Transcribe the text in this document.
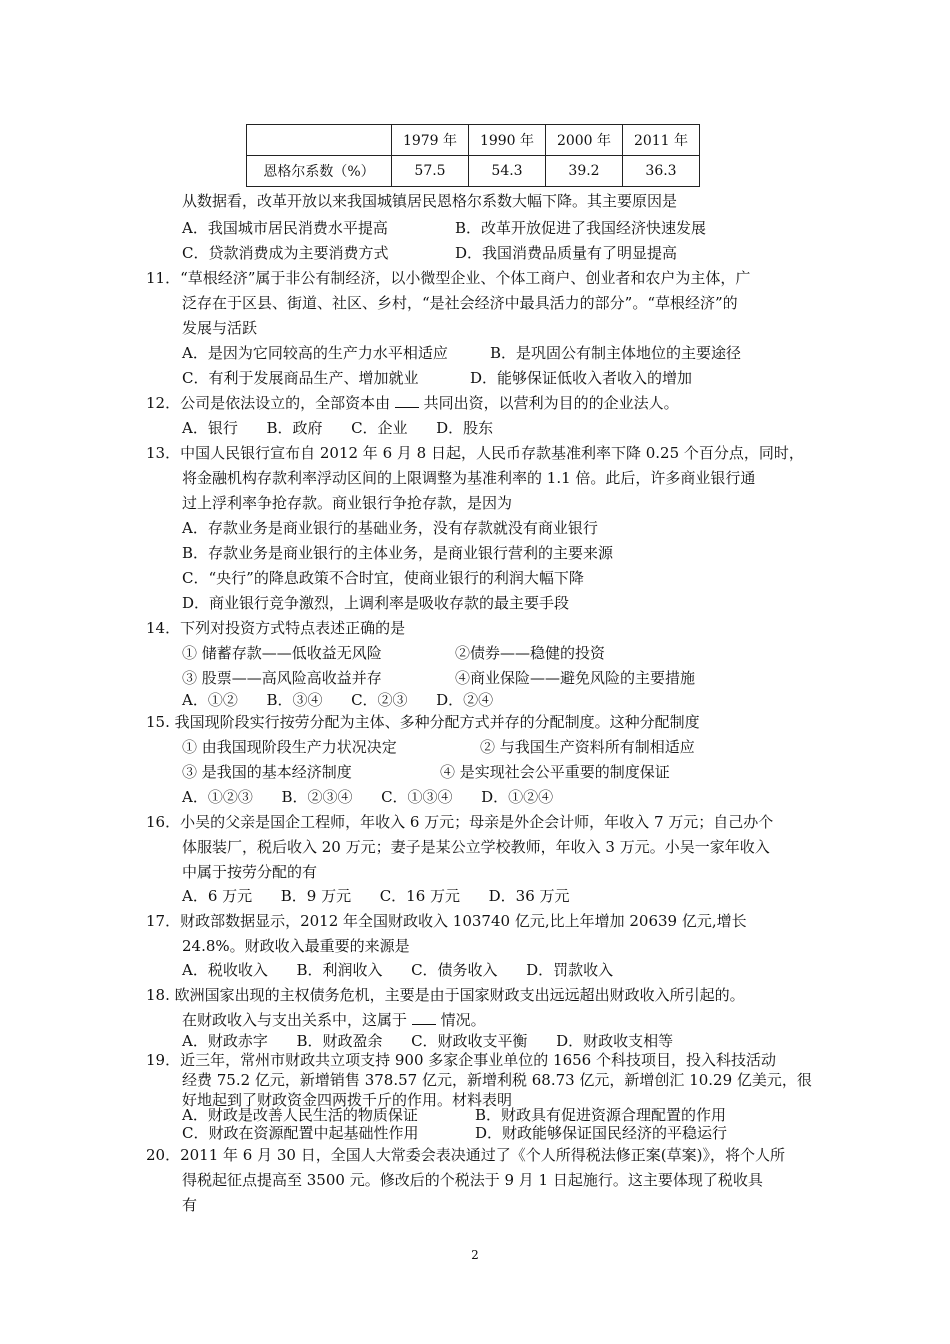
	1979 年	1990 年	2000 年	2011 年
恩格尔系数（%）	57.5	54.3	39.2	36.3
从数据看，改革开放以来我国城镇居民恩格尔系数大幅下降。其主要原因是
A．我国城市居民消费水平提高	B．改革开放促进了我国经济快速发展
C．贷款消费成为主要消费方式	D．我国消费品质量有了明显提高
11．“草根经济”属于非公有制经济，以小微型企业、个体工商户、创业者和农户为主体，广
泛存在于区县、街道、社区、乡村，“是社会经济中最具活力的部分”。“草根经济”的
发展与活跃
A．是因为它同较高的生产力水平相适应	B．是巩固公有制主体地位的主要途径
C．有利于发展商品生产、增加就业	D．能够保证低收入者收入的增加
12．公司是依法设立的，全部资本由 共同出资，以营利为目的的企业法人。
A．银行      B．政府      C．企业      D．股东
13．中国人民银行宣布自 2012 年 6 月 8 日起，人民币存款基准利率下降 0.25 个百分点，同时，
将金融机构存款利率浮动区间的上限调整为基准利率的 1.1 倍。此后，许多商业银行通
过上浮利率争抢存款。商业银行争抢存款，是因为
A．存款业务是商业银行的基础业务，没有存款就没有商业银行
B．存款业务是商业银行的主体业务，是商业银行营利的主要来源
C．“央行”的降息政策不合时宜，使商业银行的利润大幅下降
D．商业银行竞争激烈，上调利率是吸收存款的最主要手段
14．下列对投资方式特点表述正确的是
① 储蓄存款——低收益无风险	②债券——稳健的投资
③ 股票——高风险高收益并存	④商业保险——避免风险的主要措施
A．①②      B．③④      C．②③      D．②④
15. 我国现阶段实行按劳分配为主体、多种分配方式并存的分配制度。这种分配制度
① 由我国现阶段生产力状况决定	② 与我国生产资料所有制相适应
③ 是我国的基本经济制度	④ 是实现社会公平重要的制度保证
A．①②③      B．②③④      C．①③④      D．①②④
16．小吴的父亲是国企工程师，年收入 6 万元；母亲是外企会计师，年收入 7 万元；自己办个
体服装厂，税后收入 20 万元；妻子是某公立学校教师，年收入 3 万元。小吴一家年收入
中属于按劳分配的有
A．6 万元      B．9 万元      C．16 万元      D．36 万元
17．财政部数据显示，2012 年全国财政收入 103740 亿元,比上年增加 20639 亿元,增长
24.8%。财政收入最重要的来源是
A．税收收入      B．利润收入      C．债务收入      D．罚款收入
18. 欧洲国家出现的主权债务危机，主要是由于国家财政支出远远超出财政收入所引起的。
在财政收入与支出关系中，这属于 情况。
A．财政赤字      B．财政盈余      C．财政收支平衡      D．财政收支相等
19．近三年，常州市财政共立项支持 900 多家企事业单位的 1656 个科技项目，投入科技活动
经费 75.2 亿元，新增销售 378.57 亿元，新增利税 68.73 亿元，新增创汇 10.29 亿美元，很
好地起到了财政资金四两拨千斤的作用。材料表明
A．财政是改善人民生活的物质保证	B．财政具有促进资源合理配置的作用
C．财政在资源配置中起基础性作用	D．财政能够保证国民经济的平稳运行
20．2011 年 6 月 30 日，全国人大常委会表决通过了《个人所得税法修正案(草案)》，将个人所
得税起征点提高至 3500 元。修改后的个税法于 9 月 1 日起施行。这主要体现了税收具
有
2
